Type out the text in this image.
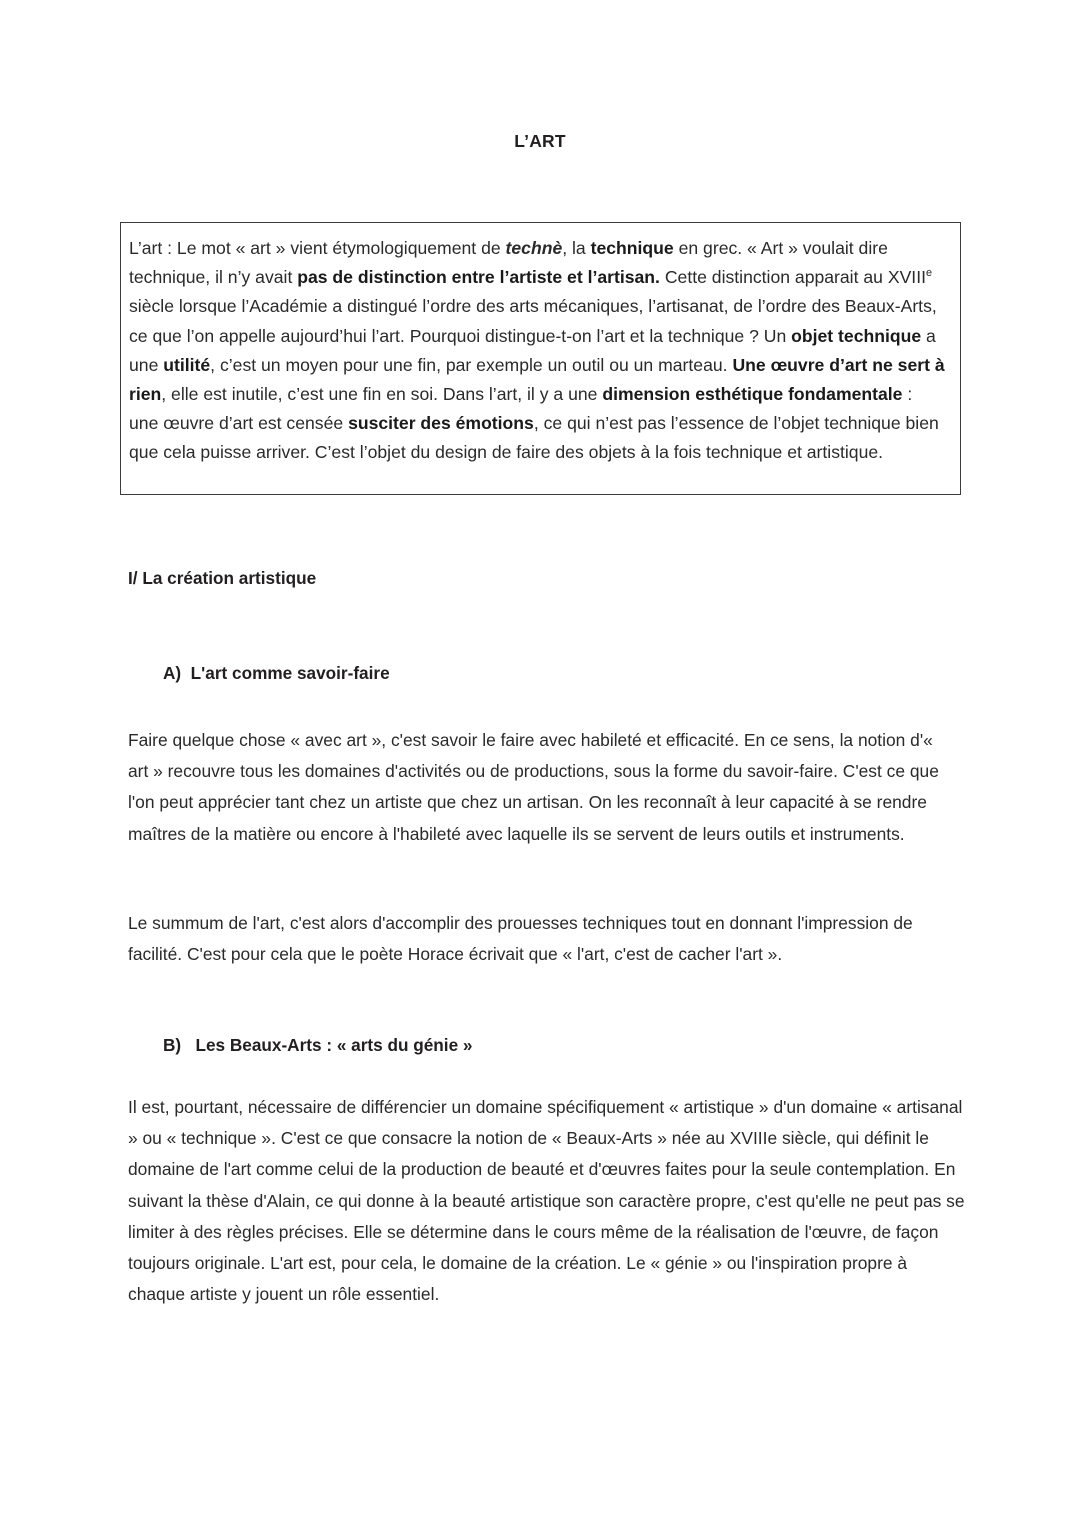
L’ART
L’art : Le mot « art » vient étymologiquement de technè, la technique en grec. « Art » voulait dire technique, il n’y avait pas de distinction entre l’artiste et l’artisan. Cette distinction apparait au XVIIIe siècle lorsque l’Académie a distingué l’ordre des arts mécaniques, l’artisanat, de l’ordre des Beaux-Arts, ce que l’on appelle aujourd’hui l’art. Pourquoi distingue-t-on l’art et la technique ? Un objet technique a une utilité, c’est un moyen pour une fin, par exemple un outil ou un marteau. Une œuvre d’art ne sert à rien, elle est inutile, c’est une fin en soi. Dans l’art, il y a une dimension esthétique fondamentale : une œuvre d’art est censée susciter des émotions, ce qui n’est pas l’essence de l’objet technique bien que cela puisse arriver. C’est l’objet du design de faire des objets à la fois technique et artistique.
I/ La création artistique
A)  L'art comme savoir-faire
Faire quelque chose « avec art », c'est savoir le faire avec habileté et efficacité. En ce sens, la notion d'« art » recouvre tous les domaines d'activités ou de productions, sous la forme du savoir-faire. C'est ce que l'on peut apprécier tant chez un artiste que chez un artisan. On les reconnaît à leur capacité à se rendre maîtres de la matière ou encore à l'habileté avec laquelle ils se servent de leurs outils et instruments.
Le summum de l'art, c'est alors d'accomplir des prouesses techniques tout en donnant l'impression de facilité. C'est pour cela que le poète Horace écrivait que « l'art, c'est de cacher l'art ».
B)   Les Beaux-Arts : « arts du génie »
Il est, pourtant, nécessaire de différencier un domaine spécifiquement « artistique » d'un domaine « artisanal » ou « technique ». C'est ce que consacre la notion de « Beaux-Arts » née au XVIIIe siècle, qui définit le domaine de l'art comme celui de la production de beauté et d'œuvres faites pour la seule contemplation. En suivant la thèse d'Alain, ce qui donne à la beauté artistique son caractère propre, c'est qu'elle ne peut pas se limiter à des règles précises. Elle se détermine dans le cours même de la réalisation de l'œuvre, de façon toujours originale. L'art est, pour cela, le domaine de la création. Le « génie » ou l'inspiration propre à chaque artiste y jouent un rôle essentiel.
